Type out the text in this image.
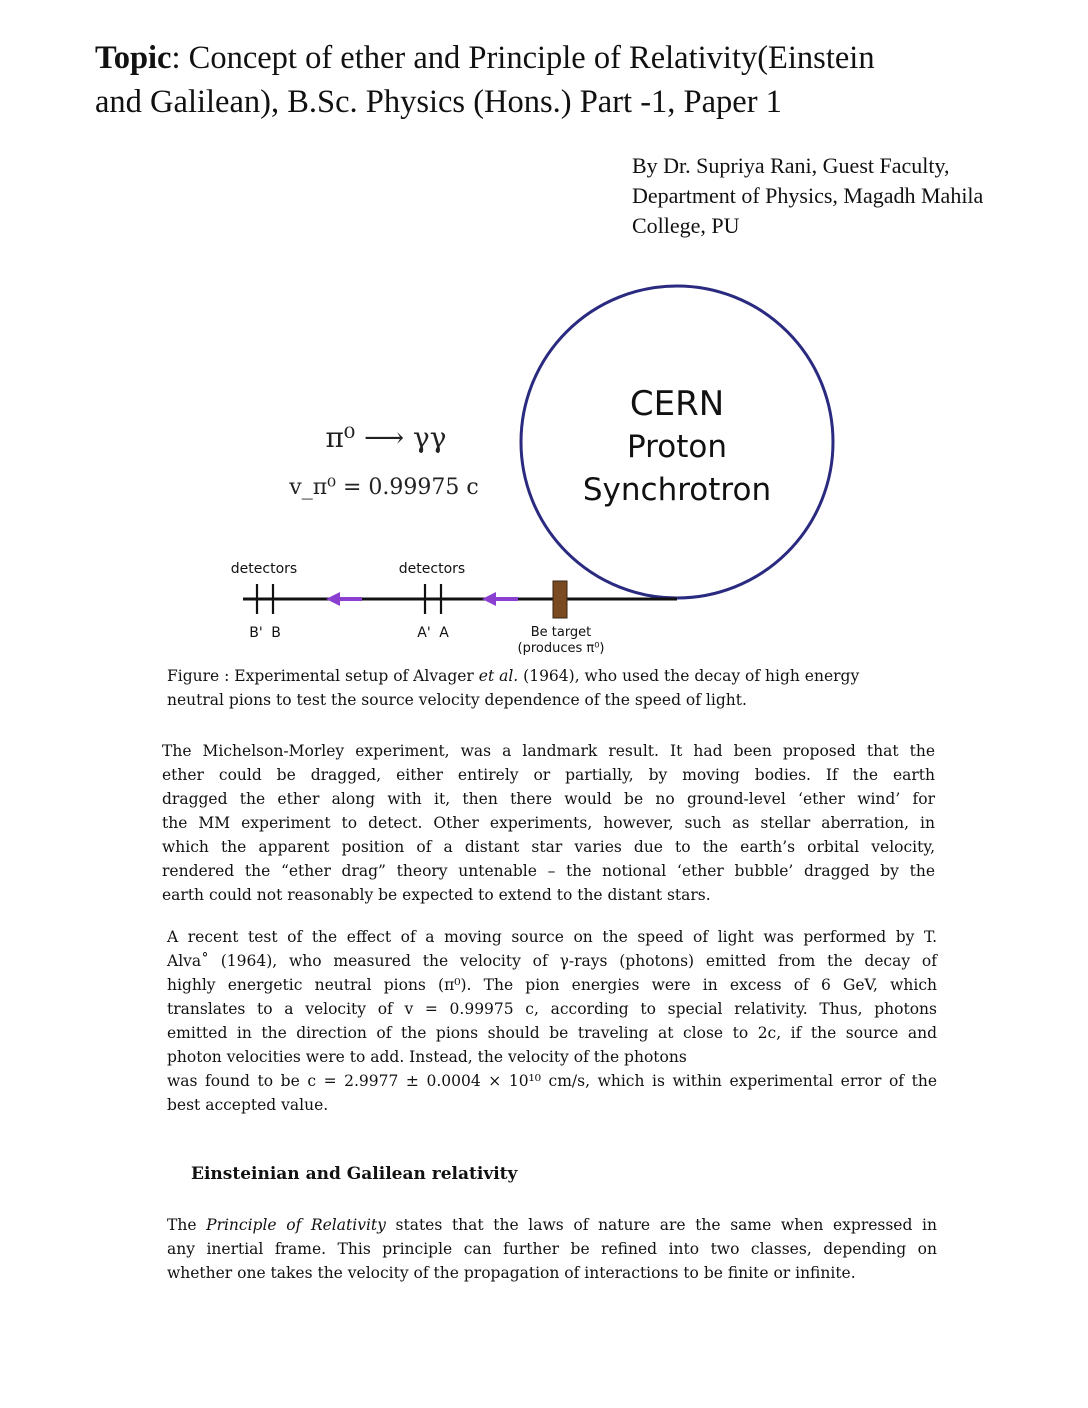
Topic: Concept of ether and Principle of Relativity(Einstein
and Galilean), B.Sc. Physics (Hons.) Part -1, Paper 1
By Dr. Supriya Rani, Guest Faculty,
Department of Physics, Magadh Mahila
College, PU
CERN
Proton
Synchrotron
π⁰ ⟶ γγ
v_π⁰ = 0.99975 c
detectors	detectors
B' B	A' A	Be target
(produces π⁰)
Figure : Experimental setup of Alvager et al. (1964), who used the decay of high energy
neutral pions to test the source velocity dependence of the speed of light.
The Michelson-Morley experiment, was a landmark result. It had been proposed that the
ether could be dragged, either entirely or partially, by moving bodies. If the earth
dragged the ether along with it, then there would be no ground-level ‘ether wind’ for
the MM experiment to detect. Other experiments, however, such as stellar aberration, in
which the apparent position of a distant star varies due to the earth’s orbital velocity,
rendered the “ether drag” theory untenable – the notional ‘ether bubble’ dragged by the
earth could not reasonably be expected to extend to the distant stars.
A recent test of the effect of a moving source on the speed of light was performed by T.
Alva˚ (1964), who measured the velocity of γ-rays (photons) emitted from the decay of
highly energetic neutral pions (π⁰). The pion energies were in excess of 6 GeV, which
translates to a velocity of v = 0.99975 c, according to special relativity. Thus, photons
emitted in the direction of the pions should be traveling at close to 2c, if the source and
photon velocities were to add. Instead, the velocity of the photons
was found to be c = 2.9977 ± 0.0004 × 10¹⁰ cm/s, which is within experimental error of the
best accepted value.
Einsteinian and Galilean relativity
The Principle of Relativity states that the laws of nature are the same when expressed in
any inertial frame. This principle can further be refined into two classes, depending on
whether one takes the velocity of the propagation of interactions to be finite or infinite.
